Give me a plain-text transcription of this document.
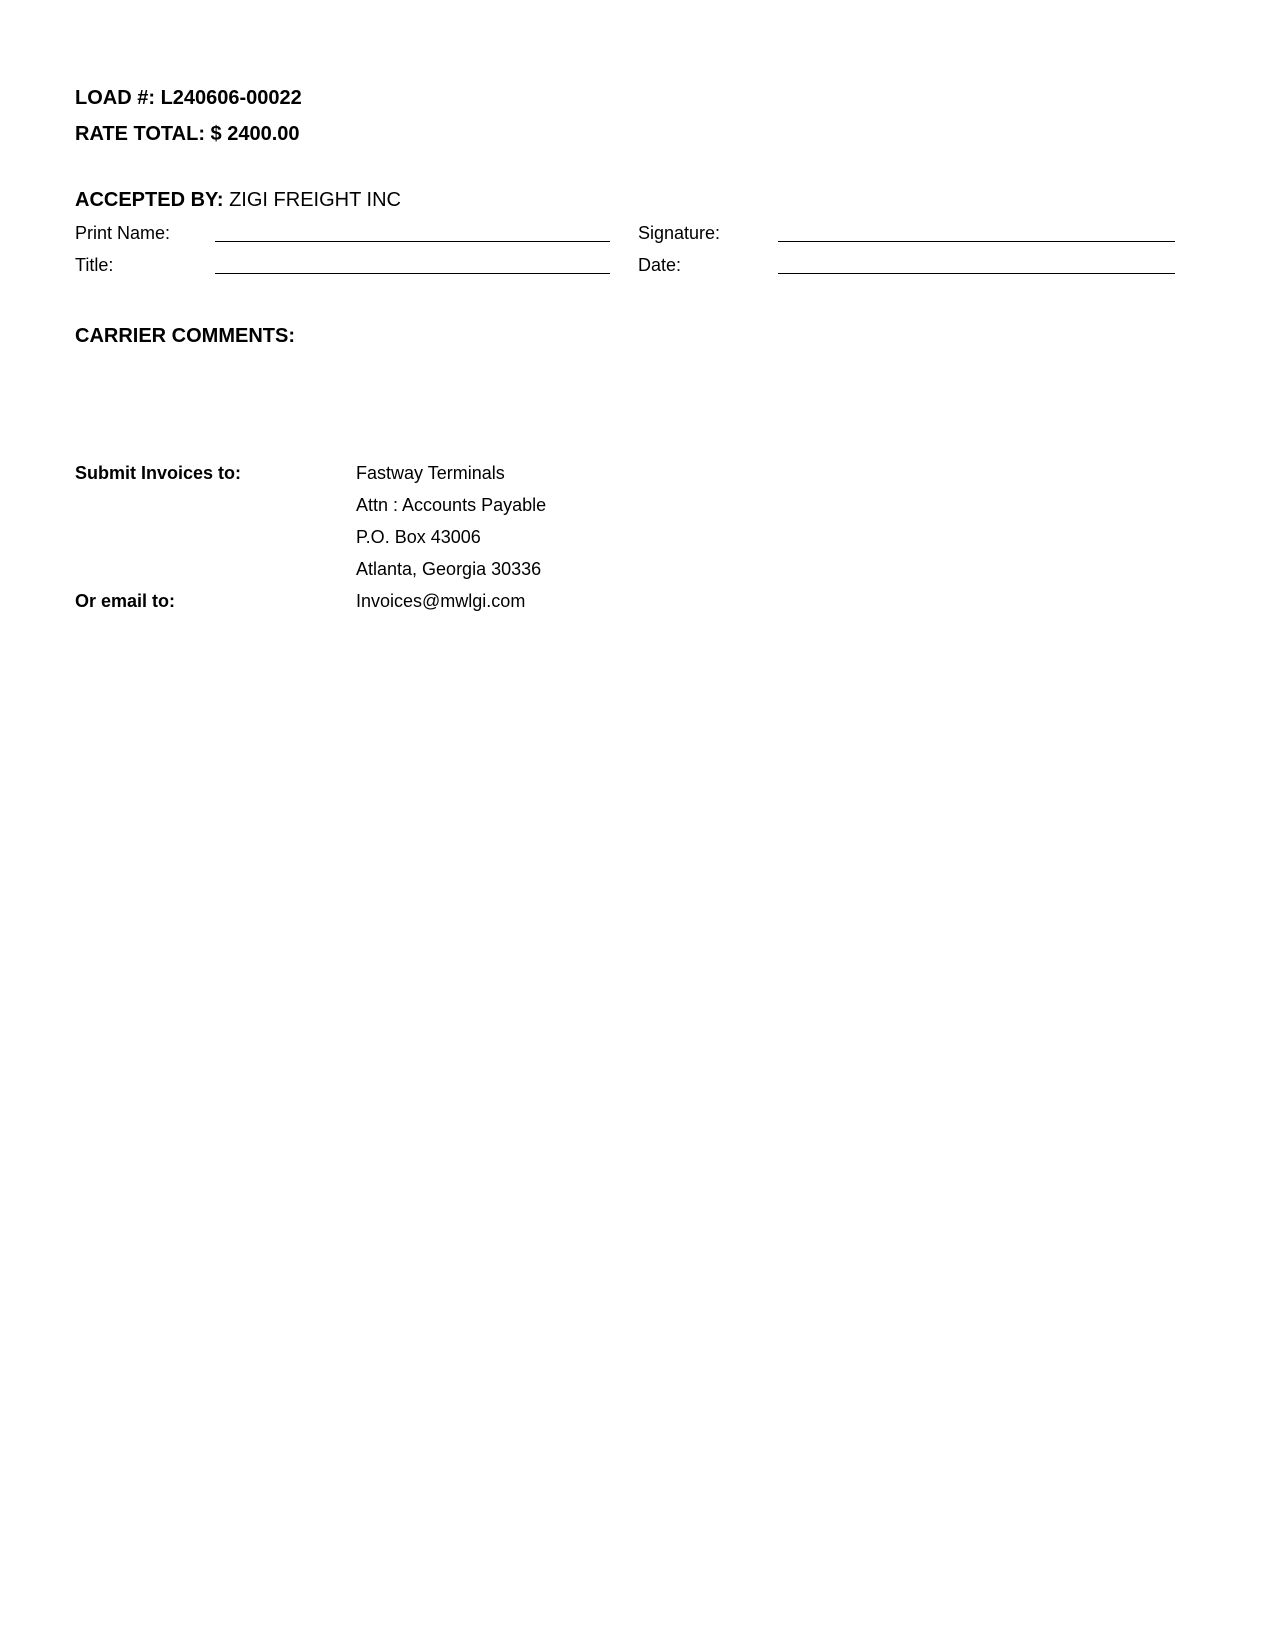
LOAD #: L240606-00022
RATE TOTAL: $ 2400.00
ACCEPTED BY: ZIGI FREIGHT INC
Print Name:	Signature:
Title:	Date:
CARRIER COMMENTS:
Submit Invoices to:	Fastway Terminals
Attn : Accounts Payable
P.O. Box 43006
Atlanta, Georgia 30336
Or email to:	Invoices@mwlgi.com
